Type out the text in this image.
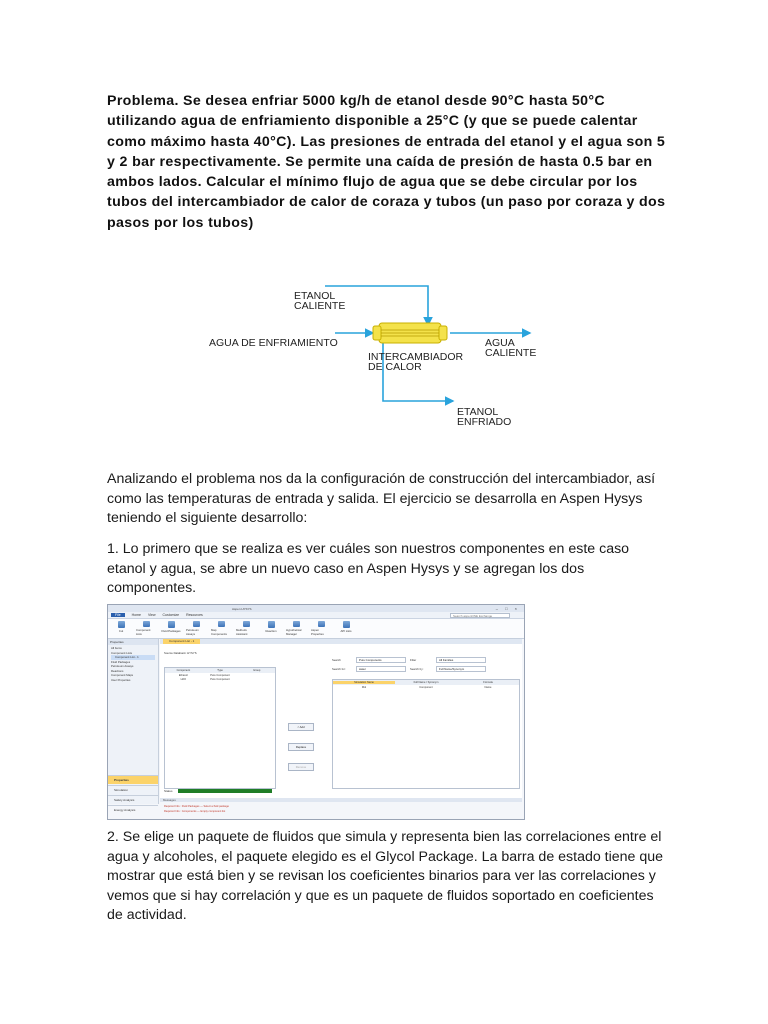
Problema. Se desea enfriar 5000 kg/h de etanol desde 90°C hasta 50°C utilizando agua de enfriamiento disponible a 25°C (y que se puede calentar como máximo hasta 40°C). Las presiones de entrada del etanol y el agua son 5 y 2 bar respectivamente. Se permite una caída de presión de hasta 0.5 bar en ambos lados. Calcular el mínimo flujo de agua que se debe circular por los tubos del intercambiador de calor de coraza y tubos (un paso por coraza y dos pasos por los tubos)

ETANOL
CALIENTE
AGUA DE ENFRIAMIENTO	AGUA
CALIENTE
INTERCAMBIADOR
DE CALOR
ETANOL
ENFRIADO

Analizando el problema nos da la configuración de construcción del intercambiador, así como las temperaturas de entrada y salida. El ejercicio se desarrolla en Aspen Hysys teniendo el siguiente desarrollo:

1. Lo primero que se realiza es ver cuáles son nuestros componentes en este caso etanol y agua, se abre un nuevo caso en Aspen Hysys y se agregan los dos componentes.

Aspen HYSYS	– □ ×
File	Home View Customize Resources	Search aspenONE Exchange
Cut	Component Lists
Fluid Packages Petroleum Assays
Map Components
Methods Assistant
Reaction	Hypothetical Manager
Aspen Properties
API Lists
Properties
All Items
Component Lists
Component List - 1
Fluid Packages
Petroleum Assays
Reactions
Component Maps
User Properties
Properties
Simulation
Safety Analysis
Energy Analysis
Component List - 1
Source Databank: HYSYS
Component	Type	Group
Ethanol	Pure Component
H2O	Pure Component
< Add
Replace
Remove
Search	Pure Components	Filter	All Families
Search for:	water	Search by:	Full Name/Synonym
Simulation Name	Full Name / Synonym	Formula
Mol	Component	Name
Status
Messages
Required Info : Fluid Packages — Select a fluid package
Required Info : Components — Empty component list

2. Se elige un paquete de fluidos que simula y representa bien las correlaciones entre el agua y alcoholes, el paquete elegido es el Glycol Package. La barra de estado tiene que mostrar que está bien y se revisan los coeficientes binarios para ver las correlaciones y vemos que si hay correlación y que es un paquete de fluidos soportado en coeficientes de actividad.
